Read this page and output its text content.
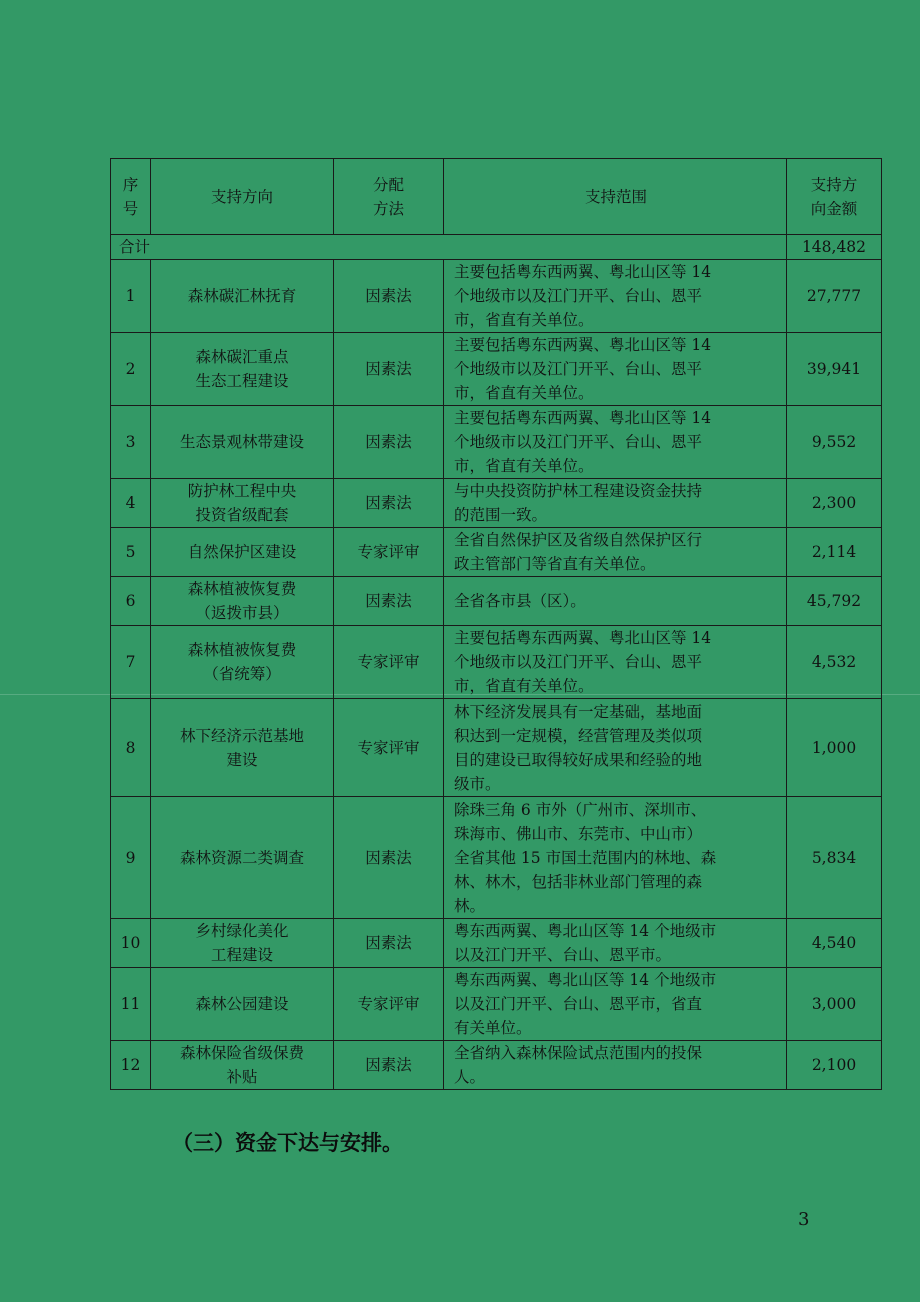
序
号	支持方向	分配
方法	支持范围	支持方
向金额
合计				148,482
1	森林碳汇林抚育	因素法	主要包括粤东西两翼、粤北山区等 14
个地级市以及江门开平、台山、恩平
市，省直有关单位。	27,777
2	森林碳汇重点
生态工程建设	因素法	主要包括粤东西两翼、粤北山区等 14
个地级市以及江门开平、台山、恩平
市，省直有关单位。	39,941
3	生态景观林带建设	因素法	主要包括粤东西两翼、粤北山区等 14
个地级市以及江门开平、台山、恩平
市，省直有关单位。	9,552
4	防护林工程中央
投资省级配套	因素法	与中央投资防护林工程建设资金扶持
的范围一致。	2,300
5	自然保护区建设	专家评审	全省自然保护区及省级自然保护区行
政主管部门等省直有关单位。	2,114
6	森林植被恢复费
（返拨市县）	因素法	全省各市县（区）。	45,792
7	森林植被恢复费
（省统筹）	专家评审	主要包括粤东西两翼、粤北山区等 14
个地级市以及江门开平、台山、恩平
市，省直有关单位。	4,532
8	林下经济示范基地
建设	专家评审	林下经济发展具有一定基础，基地面
积达到一定规模，经营管理及类似项
目的建设已取得较好成果和经验的地
级市。	1,000
9	森林资源二类调查	因素法	除珠三角 6 市外（广州市、深圳市、
珠海市、佛山市、东莞市、中山市）
全省其他 15 市国土范围内的林地、森
林、林木，包括非林业部门管理的森
林。	5,834
10	乡村绿化美化
工程建设	因素法	粤东西两翼、粤北山区等 14 个地级市
以及江门开平、台山、恩平市。	4,540
11	森林公园建设	专家评审	粤东西两翼、粤北山区等 14 个地级市
以及江门开平、台山、恩平市，省直
有关单位。	3,000
12	森林保险省级保费
补贴	因素法	全省纳入森林保险试点范围内的投保
人。	2,100
（三）资金下达与安排。
3
